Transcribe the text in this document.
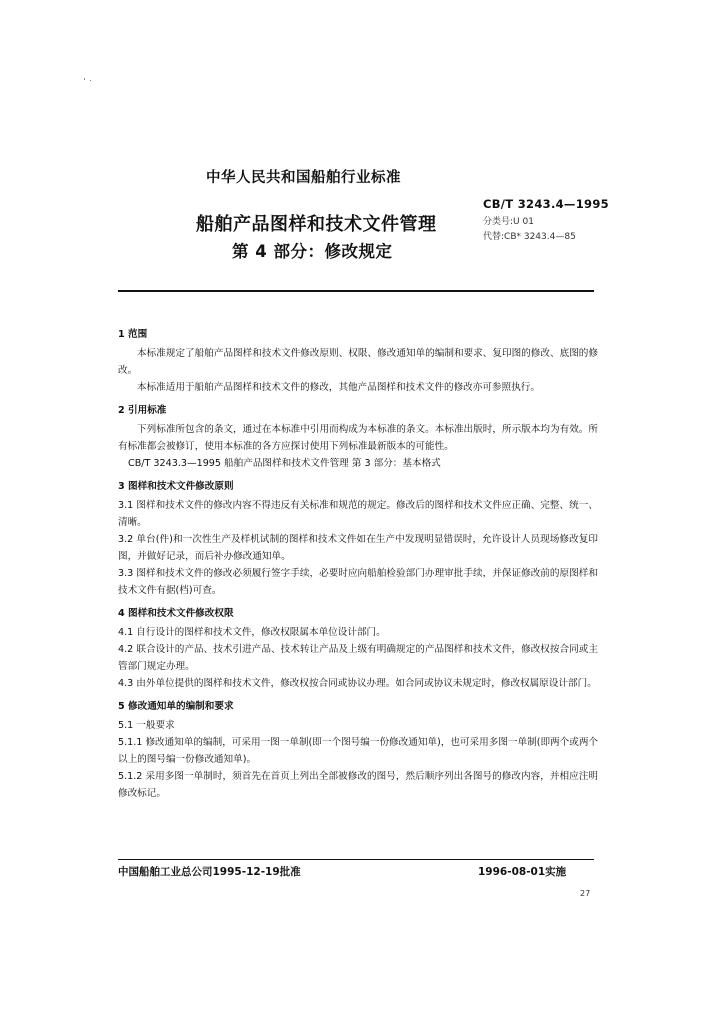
中华人民共和国船舶行业标准
CB/T 3243.4—1995
分类号:U 01
代替:CB* 3243.4—85
船舶产品图样和技术文件管理
第 4 部分：修改规定
1 范围
本标准规定了船舶产品图样和技术文件修改原则、权限、修改通知单的编制和要求、复印图的修改、底图的修改。
本标准适用于船舶产品图样和技术文件的修改，其他产品图样和技术文件的修改亦可参照执行。
2 引用标准
下列标准所包含的条文，通过在本标准中引用而构成为本标准的条文。本标准出版时，所示版本均为有效。所有标准都会被修订，使用本标准的各方应探讨使用下列标准最新版本的可能性。
CB/T 3243.3—1995 船舶产品图样和技术文件管理 第 3 部分：基本格式
3 图样和技术文件修改原则
3.1 图样和技术文件的修改内容不得违反有关标准和规范的规定。修改后的图样和技术文件应正确、完整、统一、清晰。
3.2 单台(件)和一次性生产及样机试制的图样和技术文件如在生产中发现明显错误时，允许设计人员现场修改复印图，并做好记录，而后补办修改通知单。
3.3 图样和技术文件的修改必须履行签字手续，必要时应向船舶检验部门办理审批手续，并保证修改前的原图样和技术文件有据(档)可查。
4 图样和技术文件修改权限
4.1 自行设计的图样和技术文件，修改权限属本单位设计部门。
4.2 联合设计的产品、技术引进产品、技术转让产品及上级有明确规定的产品图样和技术文件，修改权按合同或主管部门规定办理。
4.3 由外单位提供的图样和技术文件，修改权按合同或协议办理。如合同或协议未规定时，修改权属原设计部门。
5 修改通知单的编制和要求
5.1 一般要求
5.1.1 修改通知单的编制，可采用一图一单制(即一个图号编一份修改通知单)，也可采用多图一单制(即两个或两个以上的图号编一份修改通知单)。
5.1.2 采用多图一单制时，须首先在首页上列出全部被修改的图号，然后顺序列出各图号的修改内容，并相应注明修改标记。
中国船舶工业总公司1995-12-19批准	1996-08-01实施
27
